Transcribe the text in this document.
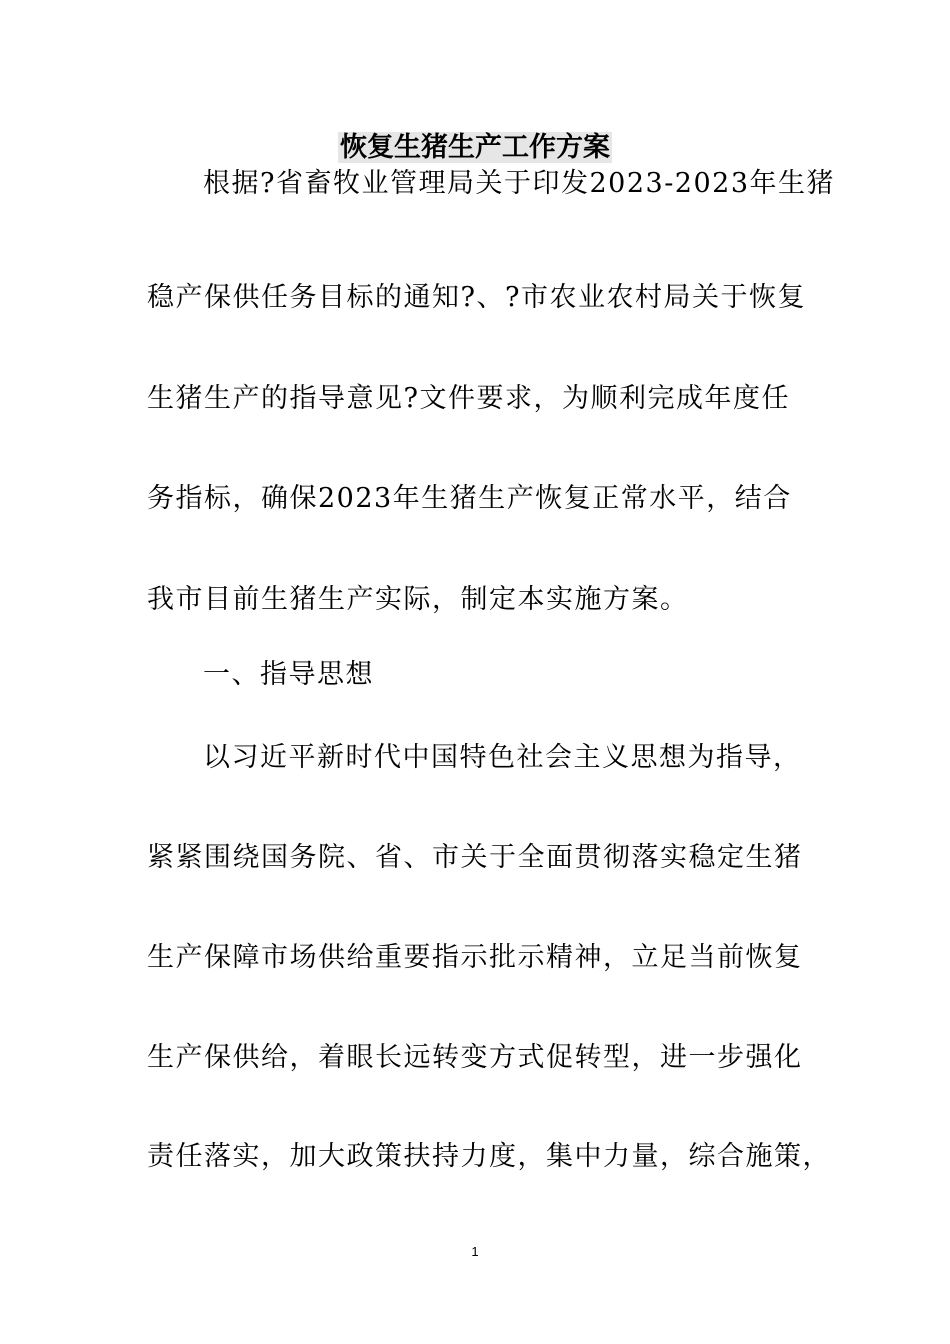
恢复生猪生产工作方案
根据?省畜牧业管理局关于印发2023-2023年生猪
稳产保供任务目标的通知?、?市农业农村局关于恢复
生猪生产的指导意见?文件要求，为顺利完成年度任
务指标，确保2023年生猪生产恢复正常水平，结合
我市目前生猪生产实际，制定本实施方案。
一、指导思想
以习近平新时代中国特色社会主义思想为指导，
紧紧围绕国务院、省、市关于全面贯彻落实稳定生猪
生产保障市场供给重要指示批示精神，立足当前恢复
生产保供给，着眼长远转变方式促转型，进一步强化
责任落实，加大政策扶持力度，集中力量，综合施策，
1
